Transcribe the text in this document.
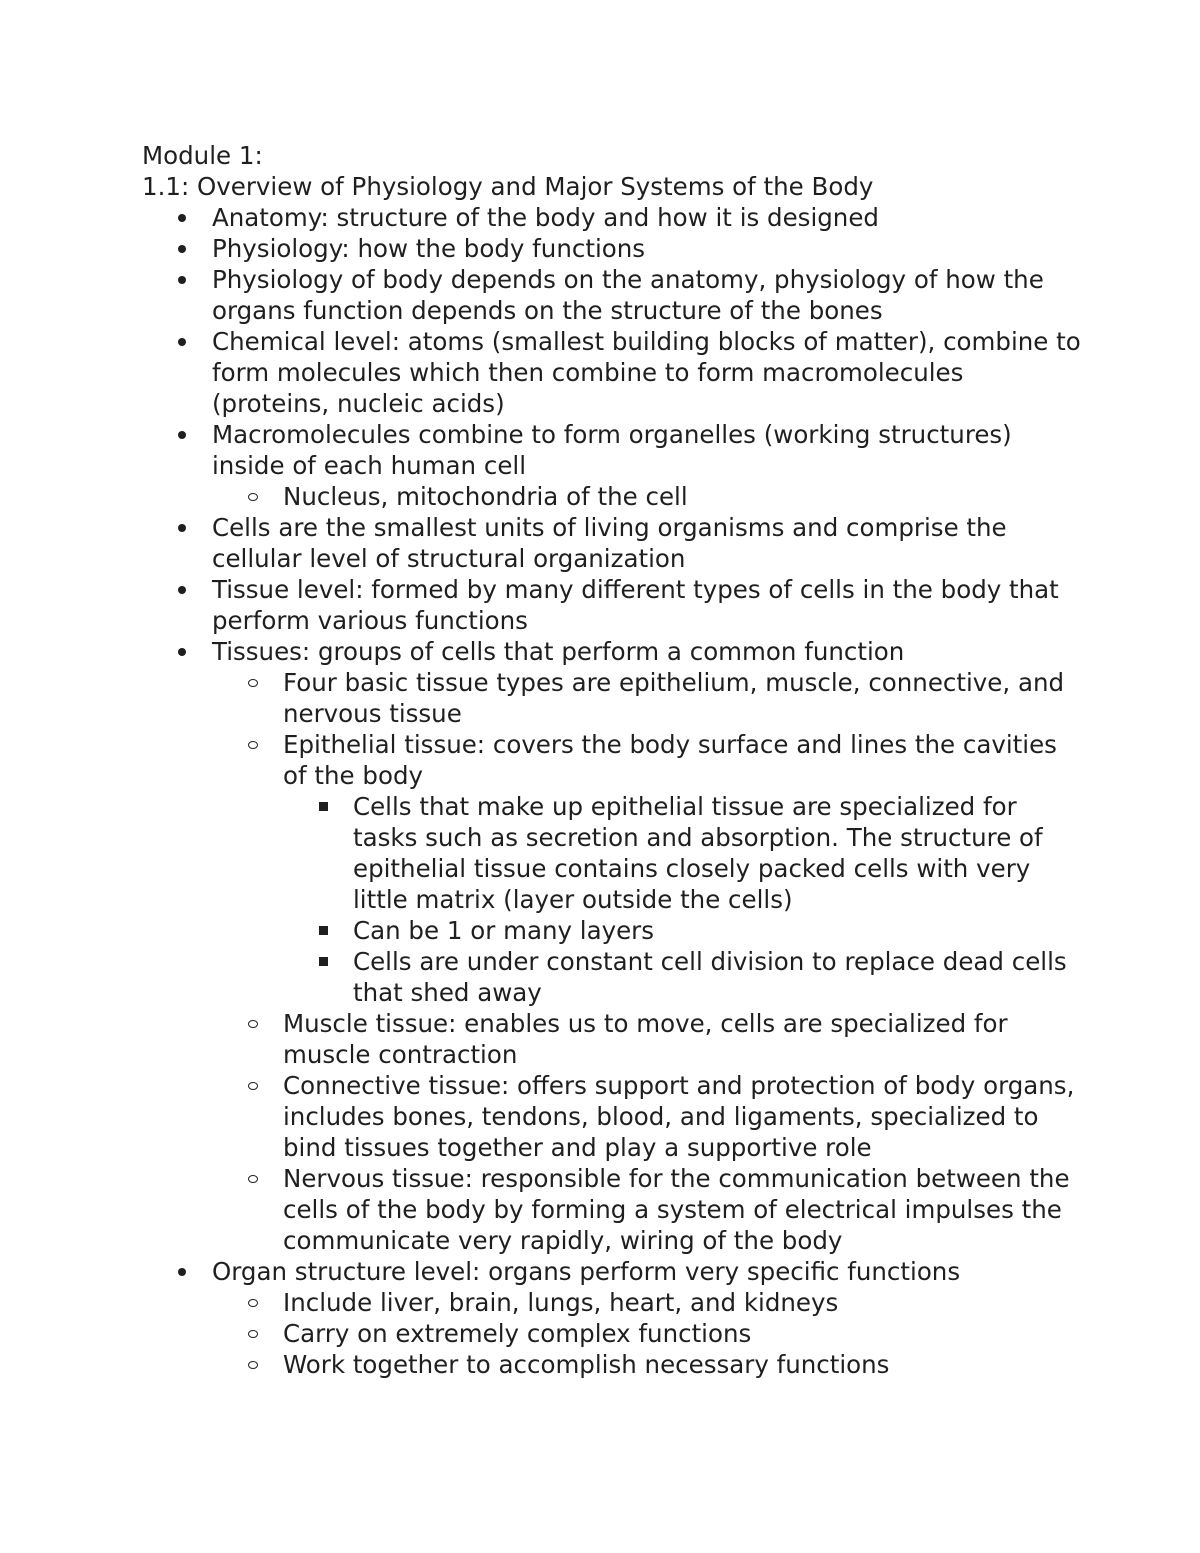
Module 1:

1.1: Overview of Physiology and Major Systems of the Body

Anatomy: structure of the body and how it is designed
Physiology: how the body functions
Physiology of body depends on the anatomy, physiology of how the organs function depends on the structure of the bones
Chemical level: atoms (smallest building blocks of matter), combine to form molecules which then combine to form macromolecules (proteins, nucleic acids)
Macromolecules combine to form organelles (working structures) inside of each human cell
Nucleus, mitochondria of the cell
Cells are the smallest units of living organisms and comprise the cellular level of structural organization
Tissue level: formed by many different types of cells in the body that perform various functions
Tissues: groups of cells that perform a common function
Four basic tissue types are epithelium, muscle, connective, and nervous tissue
Epithelial tissue: covers the body surface and lines the cavities of the body
Cells that make up epithelial tissue are specialized for tasks such as secretion and absorption. The structure of epithelial tissue contains closely packed cells with very little matrix (layer outside the cells)
Can be 1 or many layers
Cells are under constant cell division to replace dead cells that shed away
Muscle tissue: enables us to move, cells are specialized for muscle contraction
Connective tissue: offers support and protection of body organs, includes bones, tendons, blood, and ligaments, specialized to bind tissues together and play a supportive role
Nervous tissue: responsible for the communication between the cells of the body by forming a system of electrical impulses the communicate very rapidly, wiring of the body
Organ structure level: organs perform very specific functions
Include liver, brain, lungs, heart, and kidneys
Carry on extremely complex functions
Work together to accomplish necessary functions
